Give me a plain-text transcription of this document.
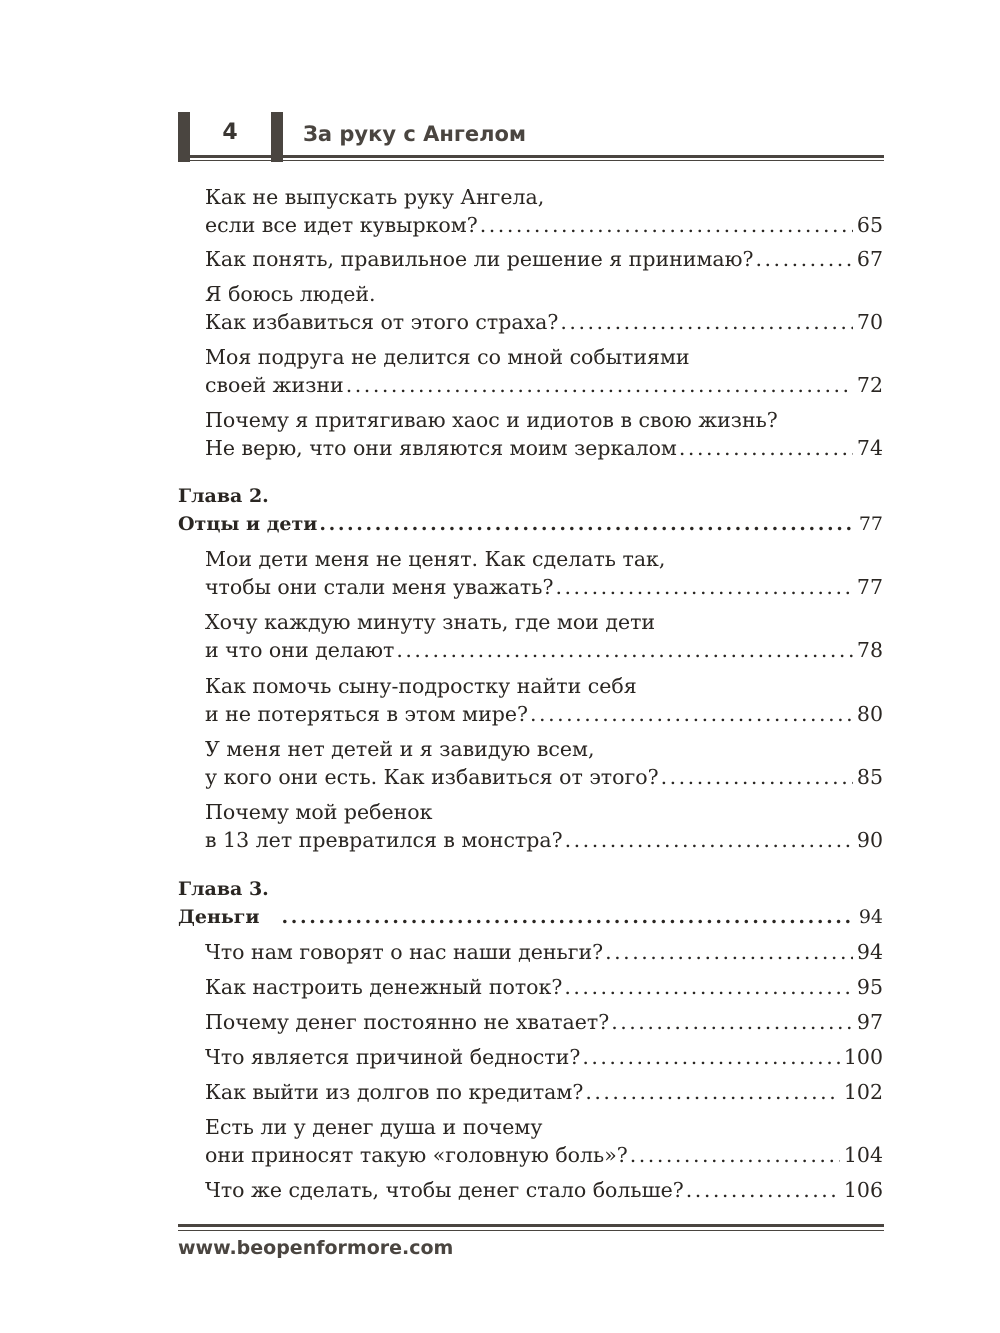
4	За руку с Ангелом
Как не выпускать руку Ангела,
если все идет кувырком? . . .	65
Как понять, правильное ли решение я принимаю? . . .	67
Я боюсь людей.
Как избавиться от этого страха? . . .	70
Моя подруга не делится со мной событиями
своей жизни . . .	72
Почему я притягиваю хаос и идиотов в свою жизнь?
Не верю, что они являются моим зеркалом . . .	74
Глава 2.
Отцы и дети . . .	77
Мои дети меня не ценят. Как сделать так,
чтобы они стали меня уважать? . . .	77
Хочу каждую минуту знать, где мои дети
и что они делают . . .	78
Как помочь сыну-подростку найти себя
и не потеряться в этом мире? . . .	80
У меня нет детей и я завидую всем,
у кого они есть. Как избавиться от этого? . . .	85
Почему мой ребенок
в 13 лет превратился в монстра? . . .	90
Глава 3.
Деньги . . .	94
Что нам говорят о нас наши деньги? . . .	94
Как настроить денежный поток? . . .	95
Почему денег постоянно не хватает? . . .	97
Что является причиной бедности? . . .	100
Как выйти из долгов по кредитам? . . .	102
Есть ли у денег душа и почему
они приносят такую «головную боль»? . . .	104
Что же сделать, чтобы денег стало больше? . . .	106
www.beopenformore.com
